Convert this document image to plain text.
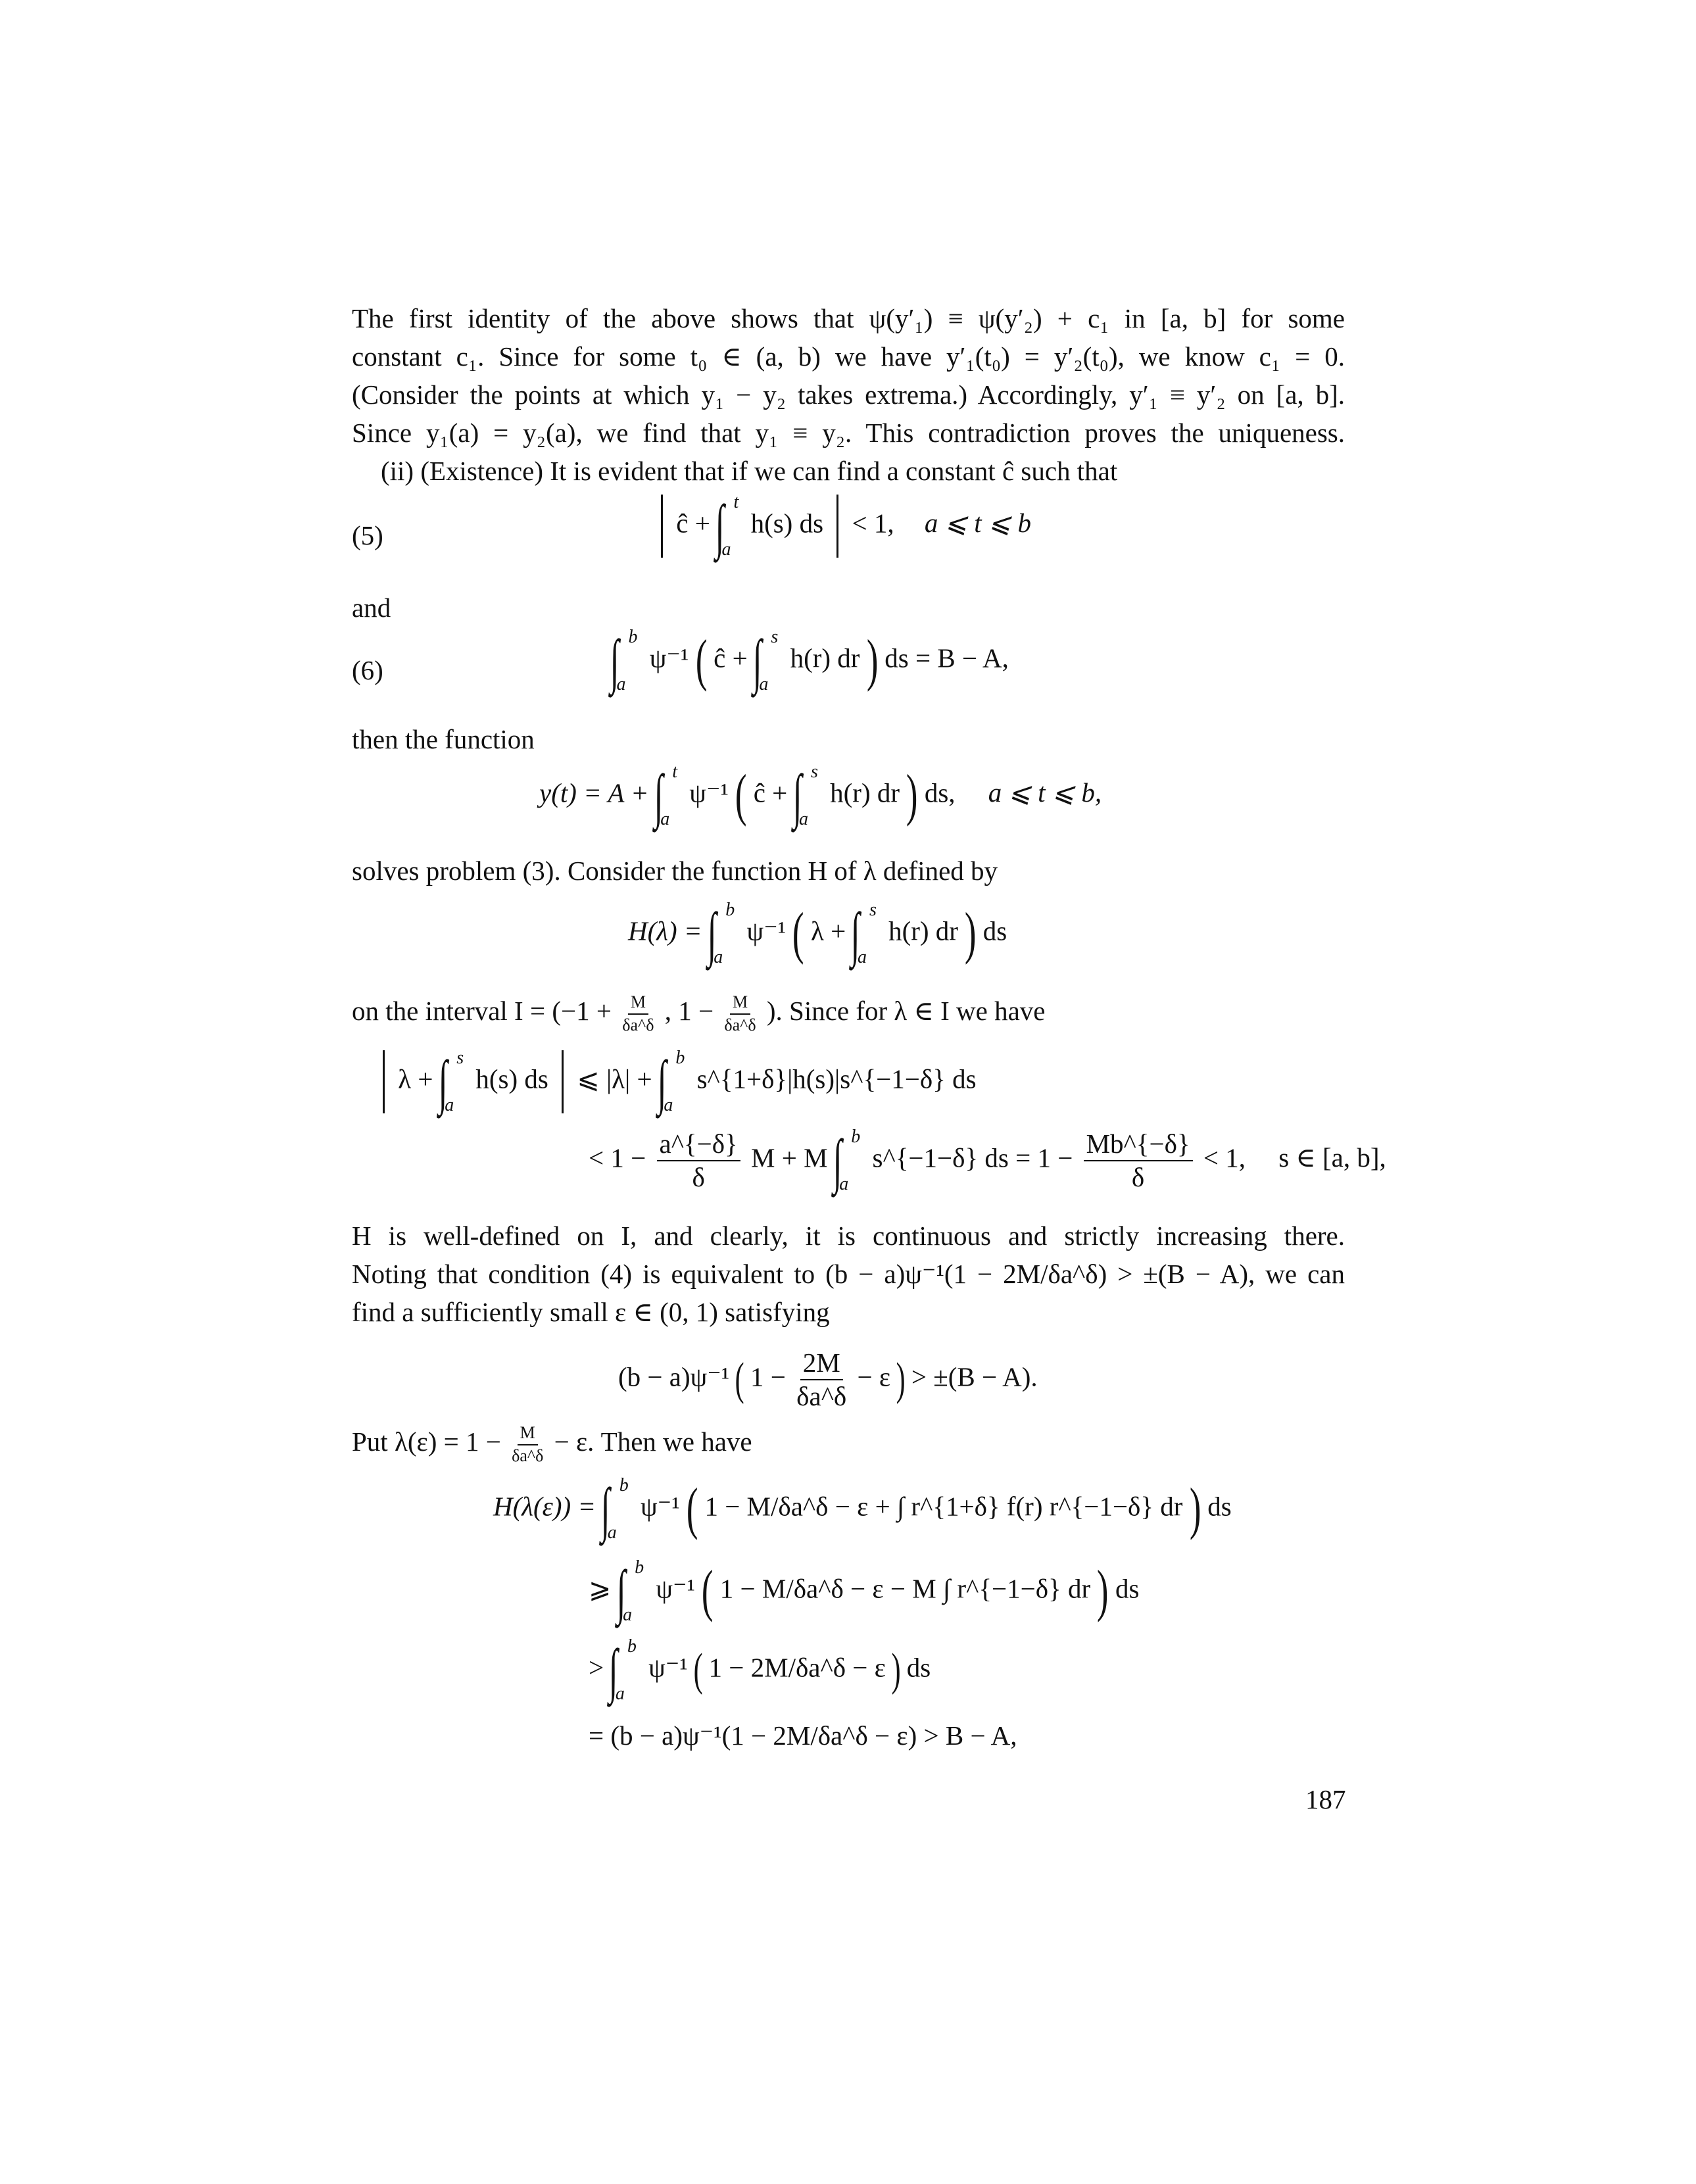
The first identity of the above shows that ψ(y′₁) ≡ ψ(y′₂) + c₁ in [a, b] for some
constant c₁. Since for some t₀ ∈ (a, b) we have y′₁(t₀) = y′₂(t₀), we know c₁ = 0.
(Consider the points at which y₁ − y₂ takes extrema.) Accordingly, y′₁ ≡ y′₂ on [a, b].
Since y₁(a) = y₂(a), we find that y₁ ≡ y₂. This contradiction proves the uniqueness.
(ii) (Existence) It is evident that if we can find a constant ĉ such that
(5)	ĉ + ∫ t
a
h(s) ds < 1, a ⩽ t ⩽ b
and
(6)	∫ b
a
ψ⁻¹ ( ĉ + ∫ s
a
h(r) dr ) ds = B − A,
then the function
y(t) = A + ∫ t
a
ψ⁻¹ ( ĉ + ∫ s
a
h(r) dr ) ds, a ⩽ t ⩽ b,
solves problem (3). Consider the function H of λ defined by
H(λ) = ∫ b
a
ψ⁻¹ ( λ + ∫ s
a
h(r) dr ) ds
on the interval $I = (-1 + \frac{M}{\delta a\^{}\delta}$ , $1 - \frac{M}{\delta a\^{}\delta}$ ). Since for λ ∈ I we have
λ + ∫ s
a
h(s) ds ⩽ |λ| + ∫ b
a
s^{1+δ}|h(s)|s^{−1−δ} ds
< $1 - \frac{a\^{}\{-\delta\}}{\delta}$ M + M ∫ b
a
s^{−1−δ} ds = $1 - \frac{Mb\^{}\{-\delta\}}{\delta} < 1$, s ∈ [a, b],
H is well-defined on I, and clearly, it is continuous and strictly increasing there.
Noting that condition (4) is equivalent to (b − a)ψ⁻¹(1 − 2M/δa^δ) > ±(B − A), we can
find a sufficiently small ε ∈ (0, 1) satisfying
(b − a)ψ⁻¹ ( $1 - \frac{2M}{\delta a\^{}\delta} - \varepsilon$ ) > ±(B − A).
Put $\lambda(\varepsilon) = 1 - \frac{M}{\delta a\^{}\delta} - \varepsilon$. Then we have
H(λ(ε)) = ∫ b
a
ψ⁻¹ ( 1 − M/δa^δ − ε + ∫ r^{1+δ} f(r) r^{−1−δ} dr ) ds
⩾ ∫ b
a
ψ⁻¹ ( 1 − M/δa^δ − ε − M ∫ r^{−1−δ} dr ) ds
> ∫ b
a
ψ⁻¹ ( 1 − 2M/δa^δ − ε ) ds
= (b − a)ψ⁻¹(1 − 2M/δa^δ − ε) > B − A,
187
